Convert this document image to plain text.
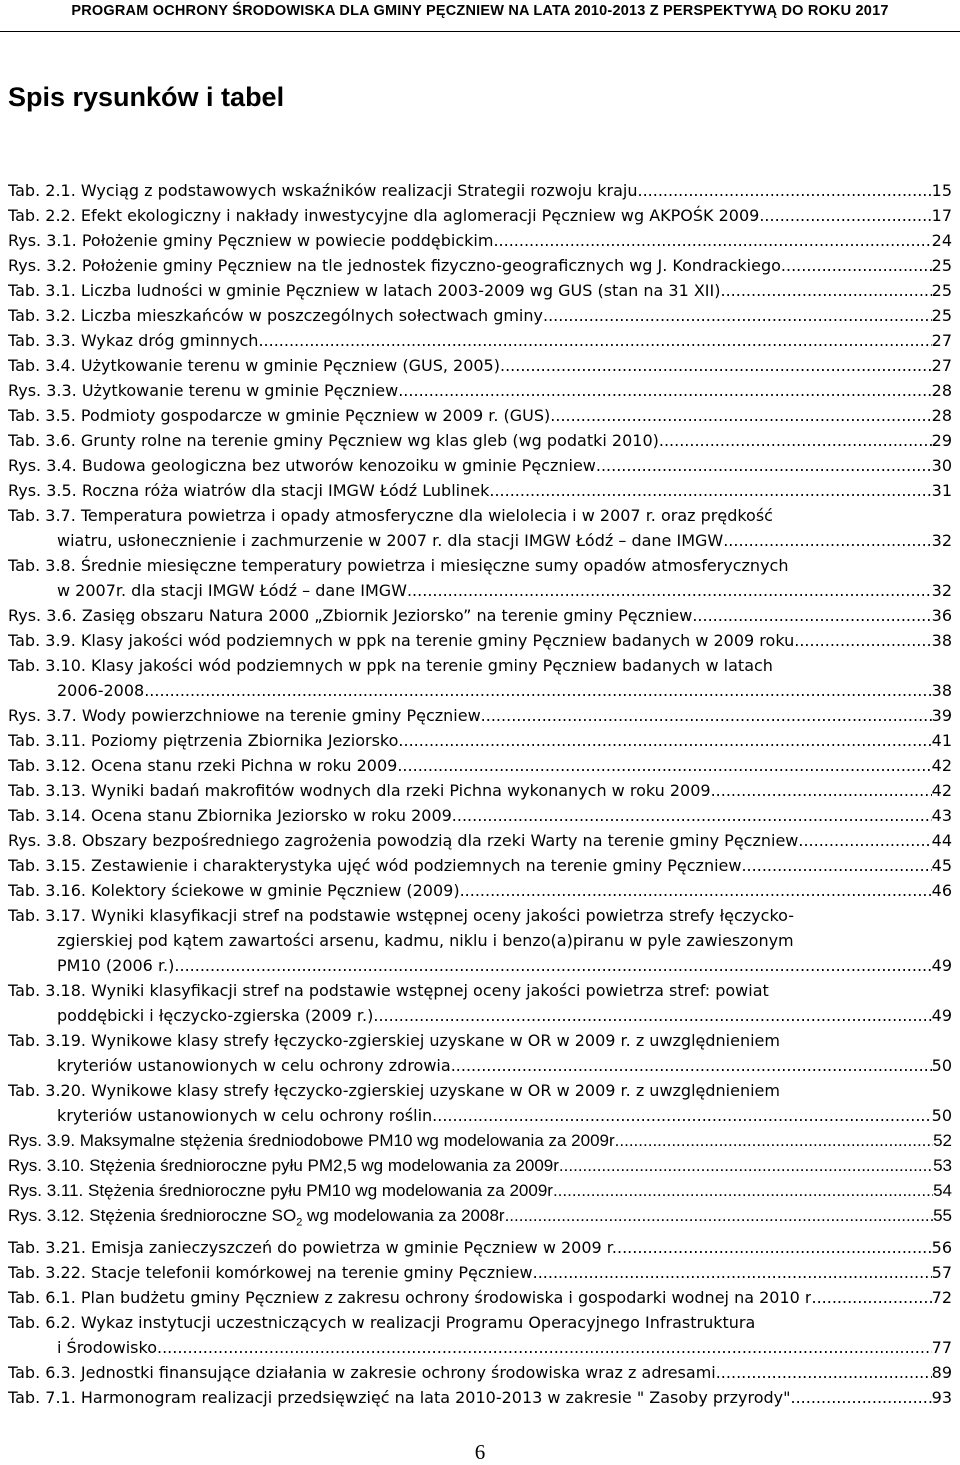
PROGRAM OCHRONY ŚRODOWISKA DLA GMINY PĘCZNIEW NA LATA 2010-2013 Z PERSPEKTYWĄ DO ROKU 2017
Spis rysunków i tabel
Tab. 2.1. Wyciąg z podstawowych wskaźników realizacji Strategii rozwoju kraju .....	15
Tab. 2.2. Efekt ekologiczny i nakłady inwestycyjne dla aglomeracji Pęczniew wg AKPOŚK 2009 .....	17
Rys. 3.1. Położenie gminy Pęczniew w powiecie poddębickim .....	24
Rys. 3.2. Położenie gminy Pęczniew na tle jednostek fizyczno-geograficznych wg J. Kondrackiego .....	25
Tab. 3.1. Liczba ludności w gminie Pęczniew w latach 2003-2009 wg GUS (stan na 31 XII) .....	25
Tab. 3.2. Liczba mieszkańców w poszczególnych sołectwach gminy .....	25
Tab. 3.3. Wykaz dróg gminnych .....	27
Tab. 3.4. Użytkowanie terenu w gminie Pęczniew (GUS, 2005) .....	27
Rys. 3.3. Użytkowanie terenu w gminie Pęczniew .....	28
Tab. 3.5. Podmioty gospodarcze w gminie Pęczniew w 2009 r. (GUS) .....	28
Tab. 3.6. Grunty rolne na terenie gminy Pęczniew wg klas gleb (wg podatki 2010) .....	29
Rys. 3.4. Budowa geologiczna bez utworów kenozoiku w gminie Pęczniew .....	30
Rys. 3.5. Roczna róża wiatrów dla stacji IMGW Łódź Lublinek .....	31
Tab. 3.7. Temperatura powietrza i opady atmosferyczne dla wielolecia i w 2007 r. oraz prędkość
wiatru, usłonecznienie i zachmurzenie w 2007 r. dla stacji IMGW Łódź – dane IMGW .....	32
Tab. 3.8. Średnie miesięczne temperatury powietrza i miesięczne sumy opadów atmosferycznych
w 2007r. dla stacji IMGW Łódź – dane IMGW .....	32
Rys. 3.6. Zasięg obszaru Natura 2000 „Zbiornik Jeziorsko” na terenie gminy Pęczniew .....	36
Tab. 3.9. Klasy jakości wód podziemnych w ppk na terenie gminy Pęczniew badanych w 2009 roku .....	38
Tab. 3.10. Klasy jakości wód podziemnych w ppk na terenie gminy Pęczniew badanych w latach
2006-2008 .....	38
Rys. 3.7. Wody powierzchniowe na terenie gminy Pęczniew .....	39
Tab. 3.11. Poziomy piętrzenia Zbiornika Jeziorsko .....	41
Tab. 3.12. Ocena stanu rzeki Pichna w roku 2009 .....	42
Tab. 3.13. Wyniki badań makrofitów wodnych dla rzeki Pichna wykonanych w roku 2009. .....	42
Tab. 3.14. Ocena stanu Zbiornika Jeziorsko w roku 2009 .....	43
Rys. 3.8. Obszary bezpośredniego zagrożenia powodzią dla rzeki Warty na terenie gminy Pęczniew .....	44
Tab. 3.15. Zestawienie i charakterystyka ujęć wód podziemnych na terenie gminy Pęczniew .....	45
Tab. 3.16. Kolektory ściekowe w gminie Pęczniew (2009) .....	46
Tab. 3.17. Wyniki klasyfikacji stref na podstawie wstępnej oceny jakości powietrza strefy łęczycko-
zgierskiej pod kątem zawartości arsenu, kadmu, niklu i benzo(a)piranu w pyle zawieszonym
PM10 (2006 r.) .....	49
Tab. 3.18. Wyniki klasyfikacji stref na podstawie wstępnej oceny jakości powietrza stref: powiat
poddębicki i łęczycko-zgierska (2009 r.) .....	49
Tab. 3.19. Wynikowe klasy strefy łęczycko-zgierskiej uzyskane w OR w 2009 r. z uwzględnieniem
kryteriów ustanowionych w celu ochrony zdrowia .....	50
Tab. 3.20. Wynikowe klasy strefy łęczycko-zgierskiej uzyskane w OR w 2009 r. z uwzględnieniem
kryteriów ustanowionych w celu ochrony roślin .....	50
Rys. 3.9. Maksymalne stężenia średniodobowe PM10 wg modelowania za 2009r .....	52
Rys. 3.10. Stężenia średnioroczne pyłu PM2,5 wg modelowania za 2009r .....	53
Rys. 3.11. Stężenia średnioroczne pyłu PM10 wg modelowania za 2009r .....	54
Rys. 3.12. Stężenia średnioroczne $SO_2$ wg modelowania za 2008r .....	55
Tab. 3.21. Emisja zanieczyszczeń do powietrza w gminie Pęczniew w 2009 r. .....	56
Tab. 3.22. Stacje telefonii komórkowej na terenie gminy Pęczniew .....	57
Tab. 6.1. Plan budżetu gminy Pęczniew z zakresu ochrony środowiska i gospodarki wodnej na 2010 r .....	72
Tab. 6.2. Wykaz instytucji uczestniczących w realizacji Programu Operacyjnego Infrastruktura
i Środowisko .....	77
Tab. 6.3. Jednostki finansujące działania w zakresie ochrony środowiska wraz z adresami .....	89
Tab. 7.1. Harmonogram realizacji przedsięwzięć na lata 2010-2013 w zakresie " Zasoby przyrody" .....	93
6
